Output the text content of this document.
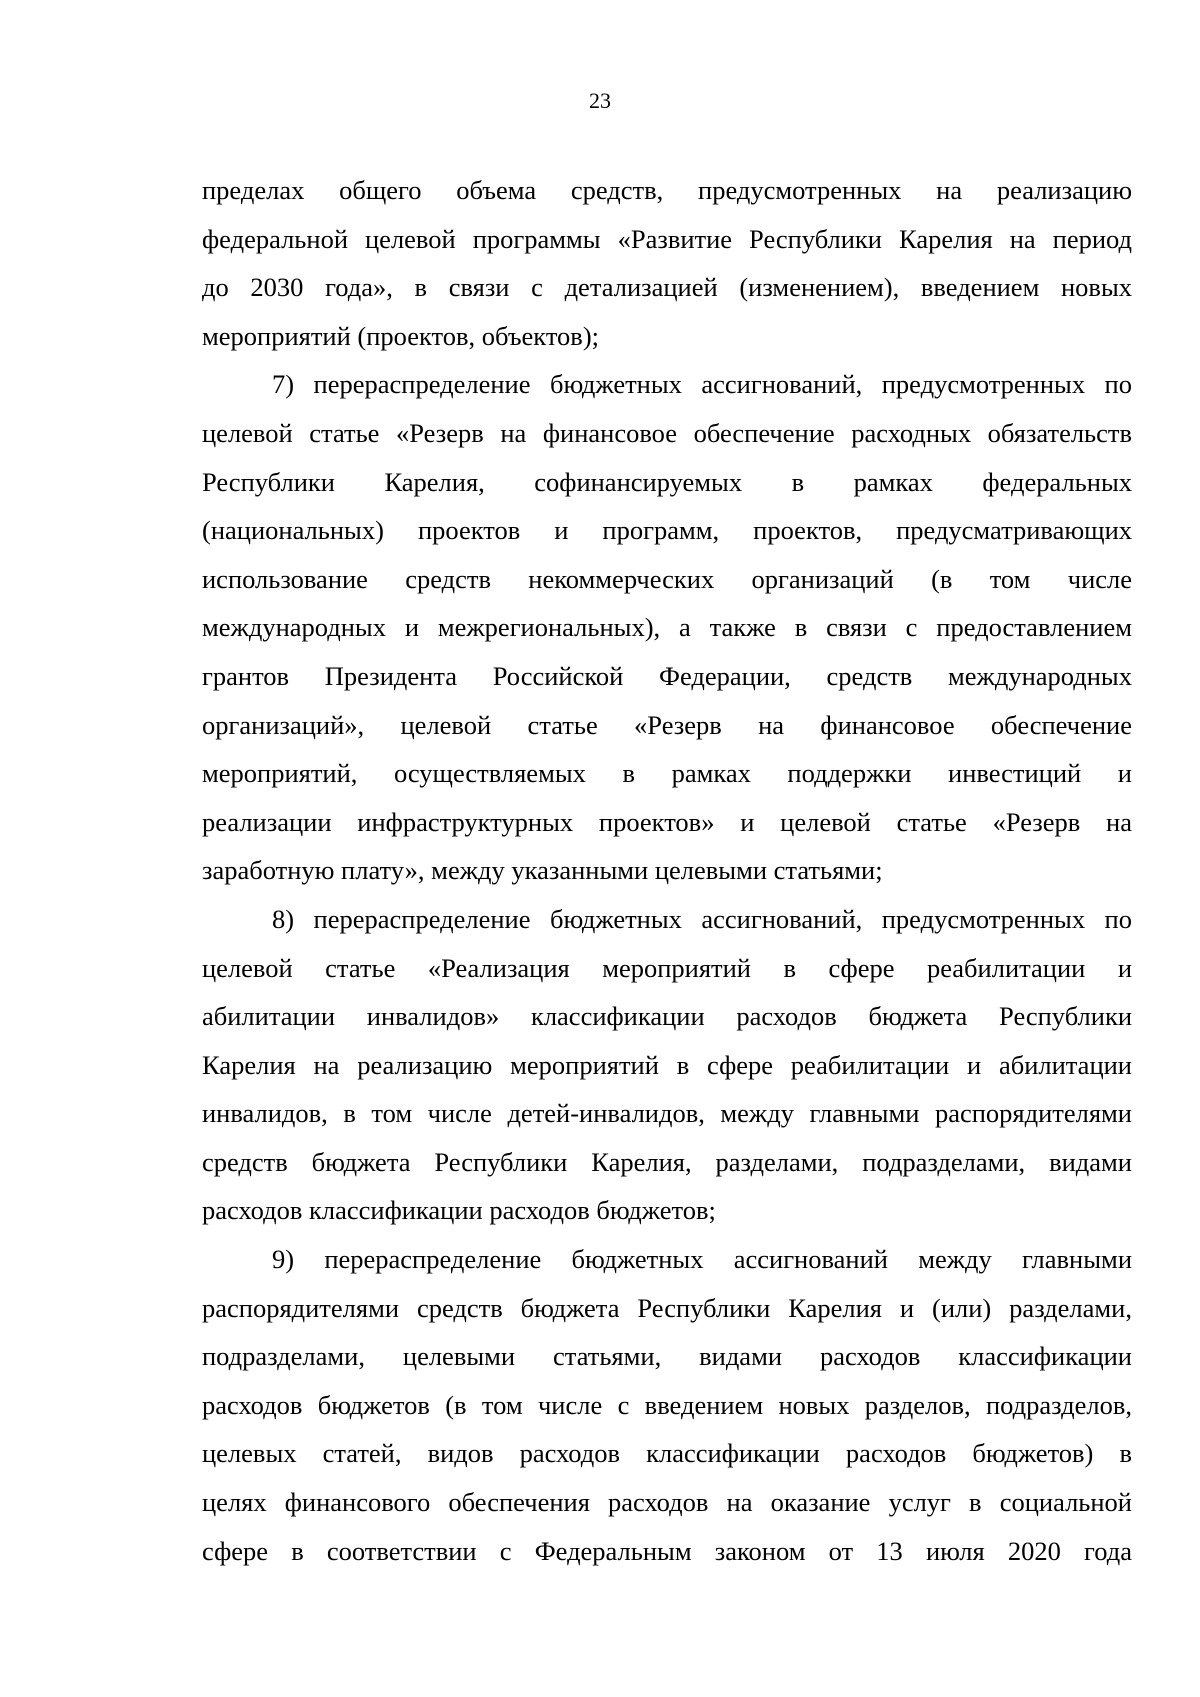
23
пределах общего объема средств, предусмотренных на реализацию
федеральной целевой программы «Развитие Республики Карелия на период
до 2030 года», в связи с детализацией (изменением), введением новых
мероприятий (проектов, объектов);
7) перераспределение бюджетных ассигнований, предусмотренных по
целевой статье «Резерв на финансовое обеспечение расходных обязательств
Республики Карелия, софинансируемых в рамках федеральных
(национальных) проектов и программ, проектов, предусматривающих
использование средств некоммерческих организаций (в том числе
международных и межрегиональных), а также в связи с предоставлением
грантов Президента Российской Федерации, средств международных
организаций», целевой статье «Резерв на финансовое обеспечение
мероприятий, осуществляемых в рамках поддержки инвестиций и
реализации инфраструктурных проектов» и целевой статье «Резерв на
заработную плату», между указанными целевыми статьями;
8) перераспределение бюджетных ассигнований, предусмотренных по
целевой статье «Реализация мероприятий в сфере реабилитации и
абилитации инвалидов» классификации расходов бюджета Республики
Карелия на реализацию мероприятий в сфере реабилитации и абилитации
инвалидов, в том числе детей-инвалидов, между главными распорядителями
средств бюджета Республики Карелия, разделами, подразделами, видами
расходов классификации расходов бюджетов;
9) перераспределение бюджетных ассигнований между главными
распорядителями средств бюджета Республики Карелия и (или) разделами,
подразделами, целевыми статьями, видами расходов классификации
расходов бюджетов (в том числе с введением новых разделов, подразделов,
целевых статей, видов расходов классификации расходов бюджетов) в
целях финансового обеспечения расходов на оказание услуг в социальной
сфере в соответствии с Федеральным законом от 13 июля 2020 года
